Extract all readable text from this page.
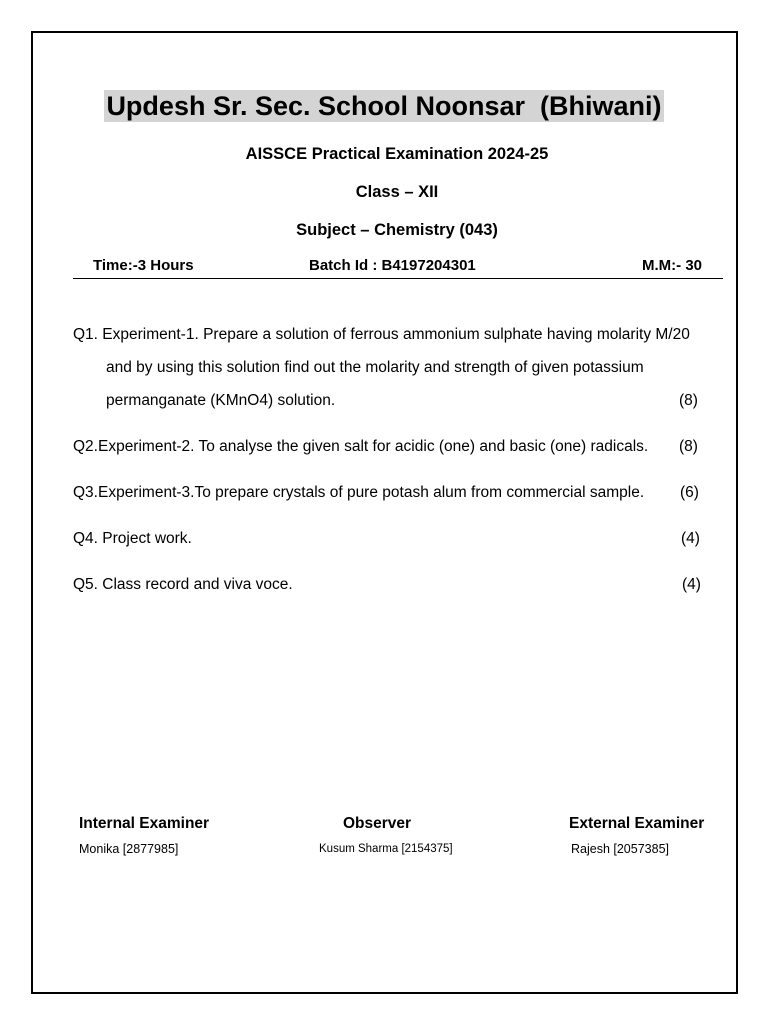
Updesh Sr. Sec. School Noonsar  (Bhiwani)
AISSCE Practical Examination 2024-25
Class – XII
Subject – Chemistry (043)
Time:-3 Hours	Batch Id : B4197204301	M.M:- 30
Q1. Experiment-1. Prepare a solution of ferrous ammonium sulphate having molarity M/20
and by using this solution find out the molarity and strength of given potassium
permanganate (KMnO4) solution.	(8)
Q2.Experiment-2. To analyse the given salt for acidic (one) and basic (one) radicals. (8)
Q3.Experiment-3.To prepare crystals of pure potash alum from commercial sample. (6)
Q4. Project work.	(4)
Q5. Class record and viva voce.	(4)
Internal Examiner
Monika [2877985]
Observer
Kusum Sharma [2154375]
External Examiner
Rajesh [2057385]
